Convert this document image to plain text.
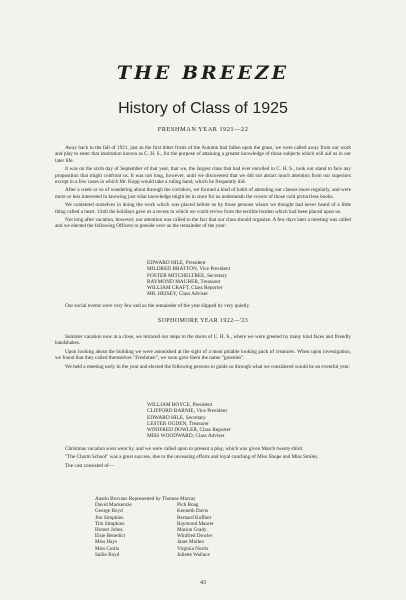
THE BREEZE
History of Class of 1925
FRESHMAN YEAR 1921—22

Away back in the fall of 1921, just as the first bitter frosts of the Autumn had fallen upon the grass, we were called away from our work and play to enter that institution known as C. H. S., for the purpose of attaining a greater knowledge of those subjects which will aid us in our later life.

It was on the sixth day of September of that year, that we, the largest class that had ever enrolled in C. H. S., took our stand to face any proposition that might confront us. It was not long, however, until we discovered that we did not attract much attention from our superiors except in a few cases in which Mr. Kopp would take a ruling hand, which he frequently did.

After a week or so of wandering about through the corridors, we formed a kind of habit of attending our classes more regularly, and were more or less interested in knowing just what knowledge might be in store for us underneath the covers of those cold picturcless books.

We contented ourselves in doing the work which was placed before us by those persons whom we thought had never heard of a little thing called a heart. Until the holidays gave us a recess in which we could revive from the terrible burden which had been placed upon us.

Not long after vacation, however, our attention was called to the fact that our class should organize. A few days later a meeting was called and we elected the following Officers to preside over us the remainder of the year:

EDWARD HILE, President
MILDRED BRATTON, Vice President
FOSTER MITCHELTREE, Secretary
RAYMOND MAURER, Treasurer
WILLIAM CRAFT, Class Reporter
MR. HEISEY, Class Adviser

Our social events were very few and so the remainder of the year slipped by very quietly.

SOPHOMORE YEAR 1922—'23

Summer vacation now at a close, we retraced our steps to the doors of C. H. S., where we were greeted by many kind faces and friendly handshakes.

Upon looking about the building we were astonished at the sight of a most pitiable looking pack of creatures. When upon investigation, we found that they called themselves "Freshmen", we soon gave them the name "greenies".

We held a meeting early in the year and elected the following persons to guide us through what we considered would be an eventful year:

WILLIAM BOYCE, President
CLIFFORD BARNIE, Vice President
EDWARD HILE, Secretary
LESTER OGDEN, Treasurer
WINIFRED DOWLER, Class Reporter
MISS WOODWARD, Class Adviser

Christmas vacation soon went by, and we were called upon to present a play, which was given March twenty-third.

"The Charm School" was a great success, due to the unceasing efforts and loyal coaching of Miss Shope and Miss Smiley.

The cast consisted of—

Austin Brovans Represented by Thomas Murray
David Mackenzie
George Boyd
Jim Simpkins
Tim Simpkins
Homer Johns
Elsie Benedict
Miss Hays
Miss Curtis
Sallie Boyd
Pich Boag
Kenneth Davis
Bernard Koffner
Raymond Maurer
Marion Grady
Winifred Dowler
Janet Mullen
Virginia Norris
Juliette Wallace
43
